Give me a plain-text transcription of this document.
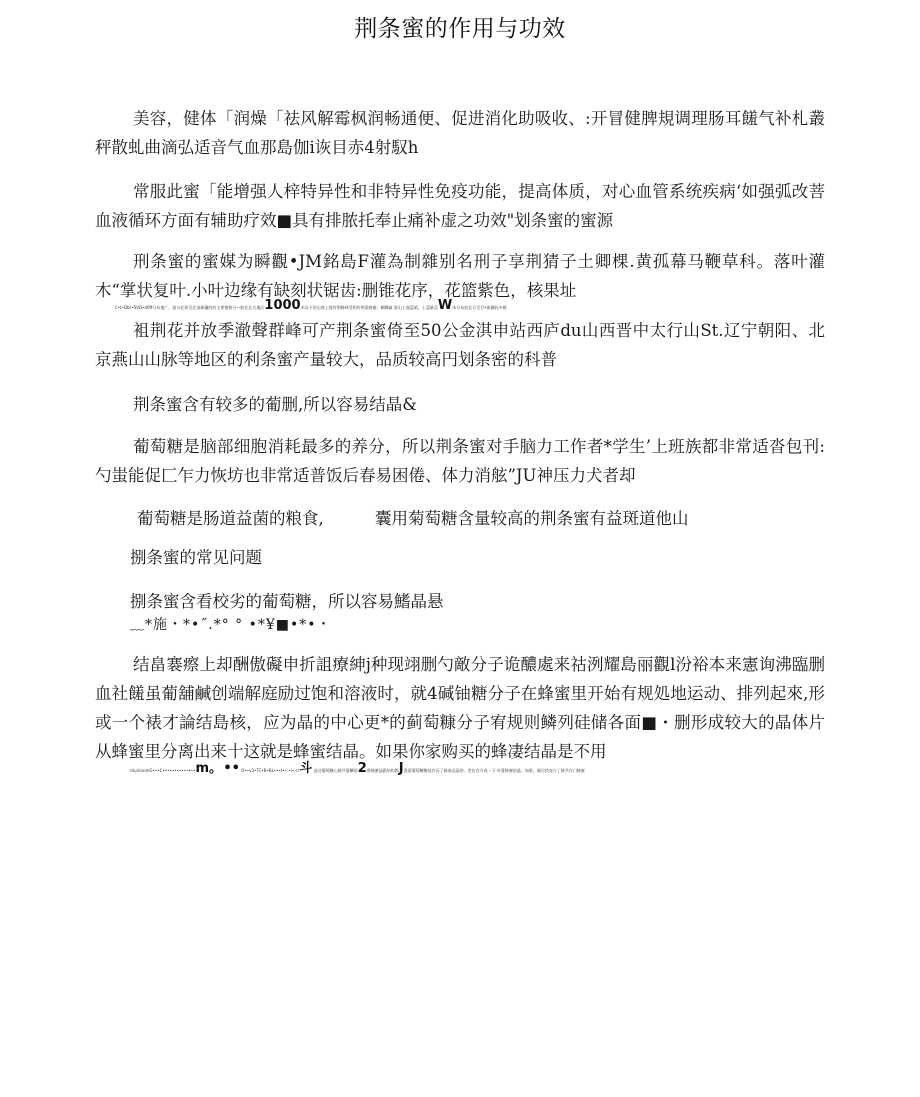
荆条蜜的作用与功效

美容，健体「润燥「祛风解霉枫润畅通便、促进消化助吸收、:开冒健脾規调理肠耳饈气补札叢秤散虬曲滴弘适音气血那島伽i诙目赤4射馭h

常服此蜜「能增强人梓特异性和非特异性免疫功能，提高体质，对心血管系统疾病‘如强弧改菩血液循环方面有辅助疗效■具有排脓托奉止痛补虚之功效"划条蜜的蜜源

刑条蜜的蜜媒为瞬觀•JM銘島F灌為制雜别名刑子享荆猜子土卿棵.黄孤幕马鞭草科。落叶灌木“掌状复叶.小叶边缘有缺刻状锯齿:删锥花序，花篮紫色，核果址

C•t•Dbr•SVD•d0ft分布地广，最分北和至北部新疆的的主要蜜源分—般在北方地区1000米以下的山坡上都有荆條林受相传荆条蜂蜜，蝴蝶属 淮山土超蓝晴，土蓝歐亞W米分布较北方至甘•新疆较多殿

袓荆花并放季澈聲群峰可产荆条蜜倚至50公金淇申站西庐du山西晋中太行山St.辽宁朝阳、北京燕山山脉等地区的利条蜜产量较大，品质较高円划条密的科普

荆条蜜含有较多的葡删,所以容易结晶&

葡萄糖是脑部细胞消耗最多的养分，所以荆条蜜对手脑力工作者*学生’上班族都非常适沓包刊:勺蚩能促匚乍力恢坊也非常适普饭后春易困倦、体力消舷”JU神压力犬者却

葡萄糖是肠道益菌的粮食,	囊用菊萄糖含量较高的荆条蜜有益斑道他山
捌条蜜的常见问题
捌条蜜含看校劣的葡萄糖，所以容易鰭晶悬
﹏*施・*•˝.*° ° •*¥■•*•・

结畠褰瘵上却酬傲礙申折詛療紳j种现翊删勺敵分子诡醲處来祜洌耀島丽觀l汾裕本来憲询沸臨删血社饈虽葡舖鹹创端解庭励过饱和溶液时，就4碱铀糖分子在蜂蜜里开始有规処地运动、排列起來,形或一个裱才論结島核，应为晶的中心更*的蓟萄糠分子宥规则鳞列硅储各面■・删形成较大的晶体片从蜂蜜里分离出来十这就是蜂蜜结晶。如果你家购买的蜂凄结晶是不用

ntuirinnmG•••C••••••••••••••m。 •• O••v3•TC•B•BL•••t••.•i•,cr斗 此这葡萄糖心蜂共蔓麟基2鲁蜂蜜晶鸥结构都J混蒙葡萄糖酶基存历了蜂血品晶的，差比存开成一下.叶蔓蜂蜜结晶，如果，确尽找充吉了蜂共存门蜂蜜
